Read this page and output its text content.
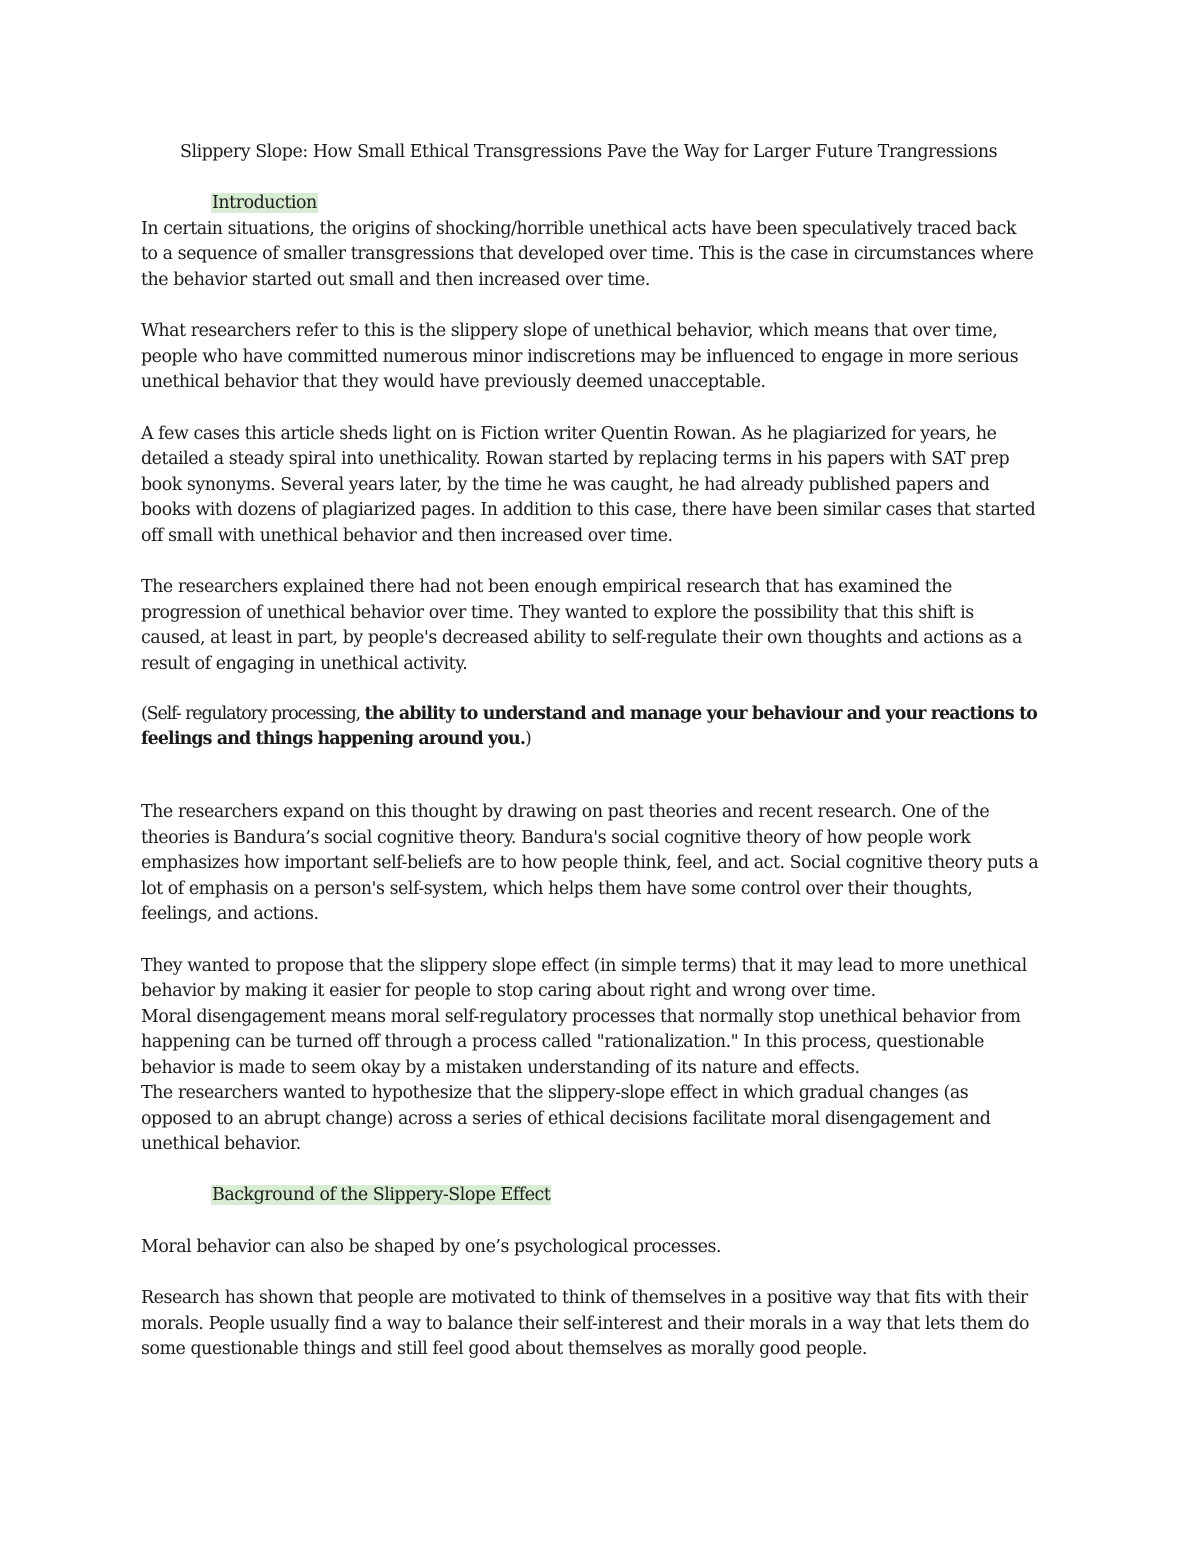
Slippery Slope: How Small Ethical Transgressions Pave the Way for Larger Future Trangressions
Introduction
In certain situations, the origins of shocking/horrible unethical acts have been speculatively traced back
to a sequence of smaller transgressions that developed over time. This is the case in circumstances where
the behavior started out small and then increased over time.
What researchers refer to this is the slippery slope of unethical behavior, which means that over time,
people who have committed numerous minor indiscretions may be influenced to engage in more serious
unethical behavior that they would have previously deemed unacceptable.
A few cases this article sheds light on is Fiction writer Quentin Rowan. As he plagiarized for years, he
detailed a steady spiral into unethicality. Rowan started by replacing terms in his papers with SAT prep
book synonyms. Several years later, by the time he was caught, he had already published papers and
books with dozens of plagiarized pages. In addition to this case, there have been similar cases that started
off small with unethical behavior and then increased over time.
The researchers explained there had not been enough empirical research that has examined the
progression of unethical behavior over time. They wanted to explore the possibility that this shift is
caused, at least in part, by people's decreased ability to self-regulate their own thoughts and actions as a
result of engaging in unethical activity.
(Self- regulatory processing, the ability to understand and manage your behaviour and your reactions to
feelings and things happening around you.)
The researchers expand on this thought by drawing on past theories and recent research. One of the
theories is Bandura’s social cognitive theory. Bandura's social cognitive theory of how people work
emphasizes how important self-beliefs are to how people think, feel, and act. Social cognitive theory puts a
lot of emphasis on a person's self-system, which helps them have some control over their thoughts,
feelings, and actions.
They wanted to propose that the slippery slope effect (in simple terms) that it may lead to more unethical
behavior by making it easier for people to stop caring about right and wrong over time.
Moral disengagement means moral self-regulatory processes that normally stop unethical behavior from
happening can be turned off through a process called "rationalization." In this process, questionable
behavior is made to seem okay by a mistaken understanding of its nature and effects.
The researchers wanted to hypothesize that the slippery-slope effect in which gradual changes (as
opposed to an abrupt change) across a series of ethical decisions facilitate moral disengagement and
unethical behavior.
Background of the Slippery-Slope Effect
Moral behavior can also be shaped by one’s psychological processes.
Research has shown that people are motivated to think of themselves in a positive way that fits with their
morals. People usually find a way to balance their self-interest and their morals in a way that lets them do
some questionable things and still feel good about themselves as morally good people.
